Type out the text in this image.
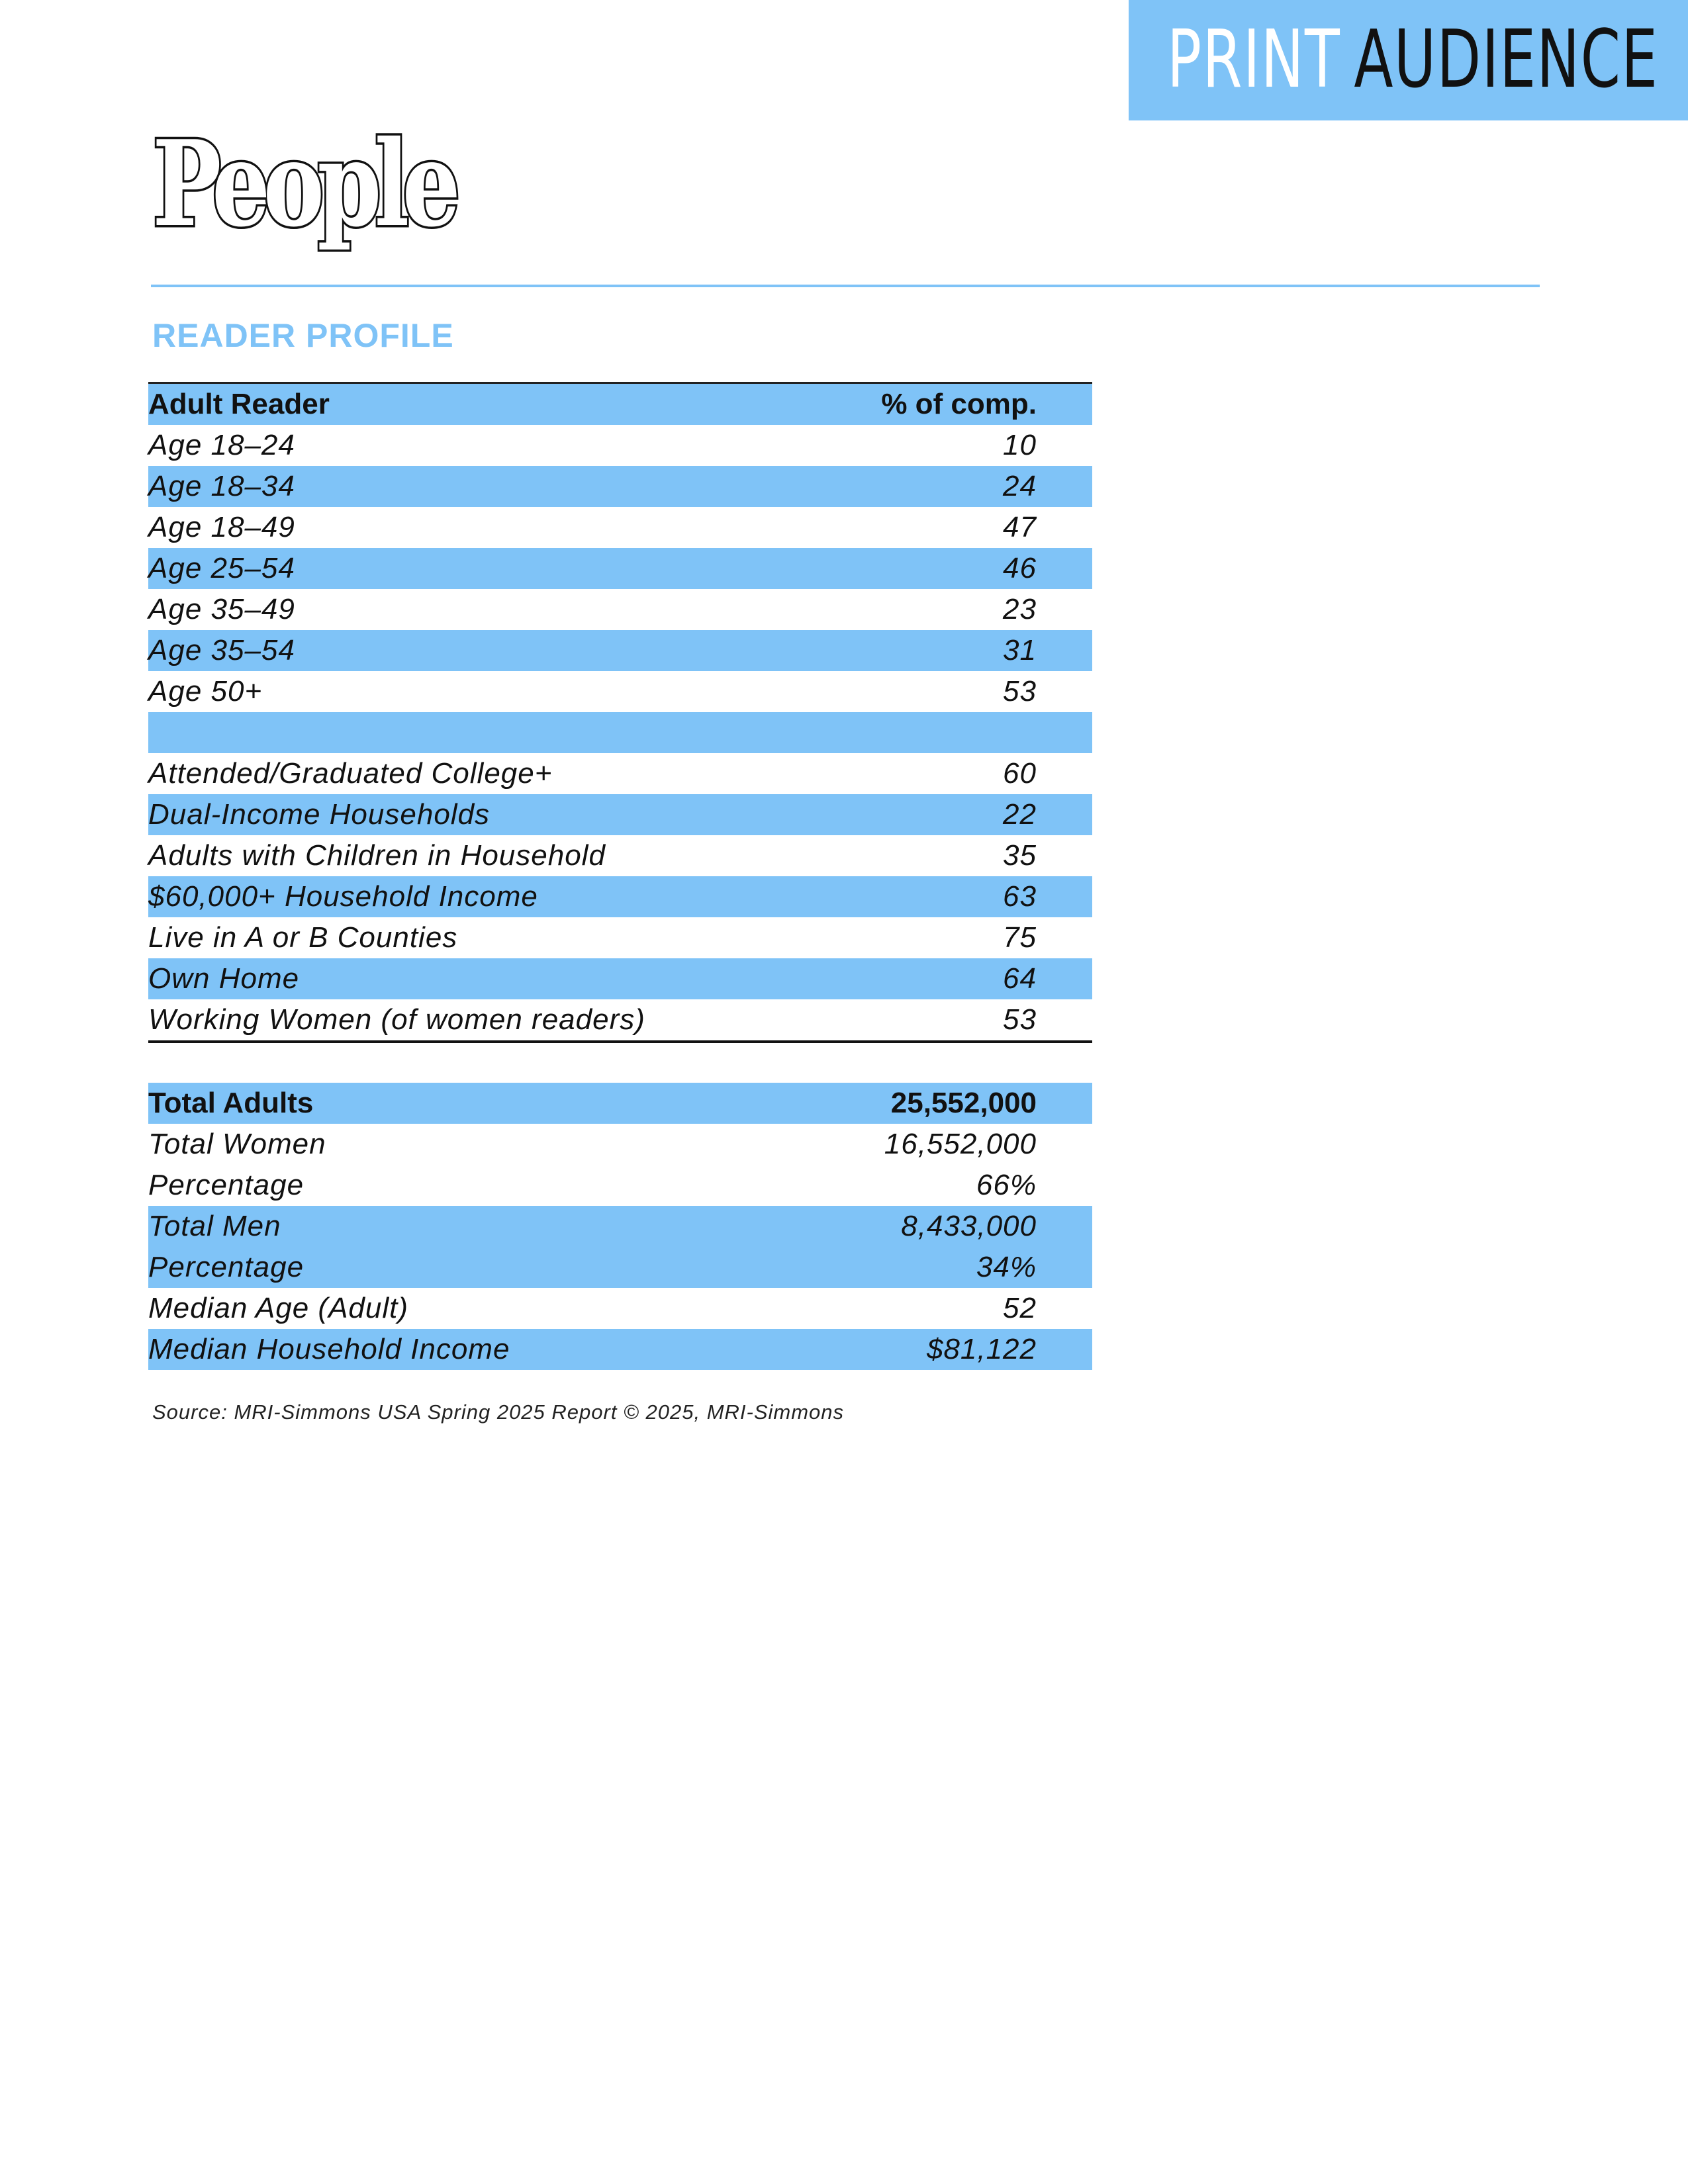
PRINT AUDIENCE
People
READER PROFILE
Adult Reader	% of comp.
Age 18–24	10
Age 18–34	24
Age 18–49	47
Age 25–54	46
Age 35–49	23
Age 35–54	31
Age 50+	53
Attended/Graduated College+	60
Dual-Income Households	22
Adults with Children in Household	35
$60,000+ Household Income	63
Live in A or B Counties	75
Own Home	64
Working Women (of women readers)	53
Total Adults	25,552,000
Total Women	16,552,000
Percentage	66%
Total Men	8,433,000
Percentage	34%
Median Age (Adult)	52
Median Household Income	$81,122

Source: MRI-Simmons USA Spring 2025 Report © 2025, MRI-Simmons
